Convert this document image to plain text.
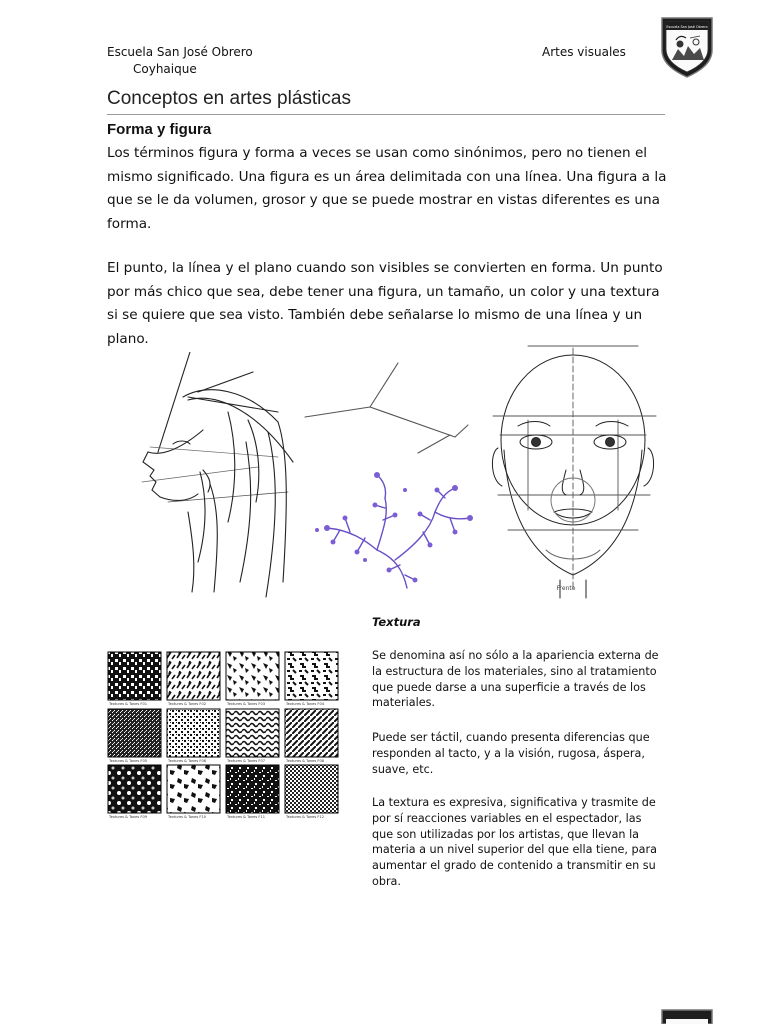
Escuela San José Obrero
Coyhaique
Artes visuales
Escuela San José Obrero
Conceptos en artes plásticas
Forma y figura
Los términos figura y forma a veces se usan como sinónimos, pero no tienen el mismo significado. Una figura es un área delimitada con una línea. Una figura a la que se le da volumen, grosor y que se puede mostrar en vistas diferentes es una forma.
El punto, la línea y el plano cuando son visibles se convierten en forma. Un punto por más chico que sea, debe tener una figura, un tamaño, un color y una textura si se quiere que sea visto. También debe señalarse lo mismo de una línea y un plano.
Frente
Textura
Textures & Tones F01	Textures & Tones F02	Textures & Tones F03	Textures & Tones F04
Textures & Tones F05	Textures & Tones F06	Textures & Tones F07	Textures & Tones F08
Textures & Tones F09	Textures & Tones F10	Textures & Tones F11	Textures & Tones F12
Se denomina así no sólo a la apariencia externa de la estructura de los materiales, sino al tratamiento que puede darse a una superficie a través de los materiales.
Puede ser táctil, cuando presenta diferencias que responden al tacto, y a la visión, rugosa, áspera, suave, etc.
La textura es expresiva, significativa y trasmite de por sí reacciones variables en el espectador, las que son utilizadas por los artistas, que llevan la materia a un nivel superior del que ella tiene, para aumentar el grado de contenido a transmitir en su obra.
